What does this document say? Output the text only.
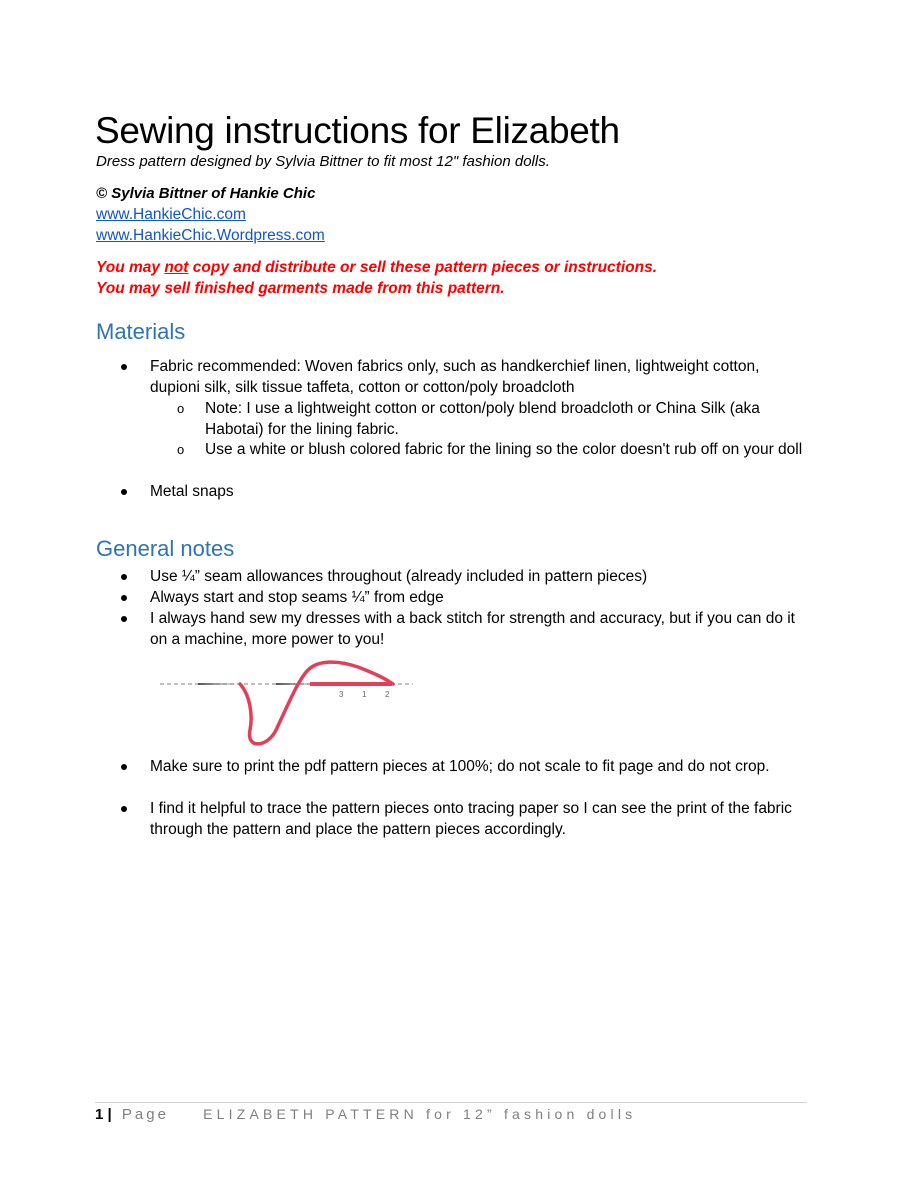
Sewing instructions for Elizabeth
Dress pattern designed by Sylvia Bittner to fit most 12" fashion dolls.
© Sylvia Bittner of Hankie Chic
www.HankieChic.com
www.HankieChic.Wordpress.com
You may not copy and distribute or sell these pattern pieces or instructions.
You may sell finished garments made from this pattern.
Materials
Fabric recommended: Woven fabrics only, such as handkerchief linen, lightweight cotton, dupioni silk, silk tissue taffeta, cotton or cotton/poly broadcloth
o Note: I use a lightweight cotton or cotton/poly blend broadcloth or China Silk (aka Habotai) for the lining fabric.
o Use a white or blush colored fabric for the lining so the color doesn't rub off on your doll
Metal snaps
General notes
Use ¼” seam allowances throughout (already included in pattern pieces)
Always start and stop seams ¼” from edge
I always hand sew my dresses with a back stitch for strength and accuracy, but if you can do it on a machine, more power to you!
3 1 2
Make sure to print the pdf pattern pieces at 100%; do not scale to fit page and do not crop.
I find it helpful to trace the pattern pieces onto tracing paper so I can see the print of the fabric through the pattern and place the pattern pieces accordingly.
1 | Page ELIZABETH PATTERN for 12” fashion dolls
